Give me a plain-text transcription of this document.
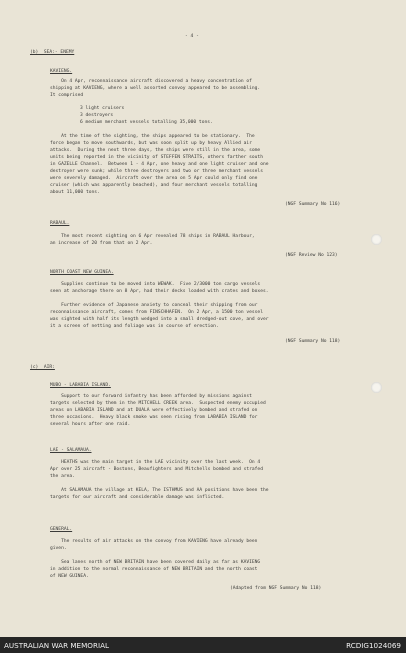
- 4 -
(b)  SEA:- ENEMY
KAVIENG.
On 4 Apr, reconnaissance aircraft discovered a heavy concentration of
shipping at KAVIENG, where a well assorted convoy appeared to be assembling.
It comprised
3 light cruisers
3 destroyers
6 medium merchant vessels totalling 35,000 tons.
At the time of the sighting, the ships appeared to be stationary.  The
force began to move southwards, but was soon split up by heavy Allied air
attacks.  During the next three days, the ships were still in the area, some
units being reported in the vicinity of STEFFEN STRAITS, others farther south
in GAZELLE Channel.  Between 1 - 4 Apr, one heavy and one light cruiser and one
destroyer were sunk; while three destroyers and two or three merchant vessels
were severely damaged.  Aircraft over the area on 5 Apr could only find one
cruiser (which was apparently beached), and four merchant vessels totalling
about 11,000 tons.
(NGF Summary No 116)
RABAUL.
The most recent sighting on 6 Apr revealed 78 ships in RABAUL Harbour,
an increase of 20 from that on 2 Apr.
(NGF Review No 123)
NORTH COAST NEW GUINEA.
Supplies continue to be moved into WEWAK.  Five 2/3000 ton cargo vessels
seen at anchorage there on 8 Apr, had their decks loaded with crates and boxes.
Further evidence of Japanese anxiety to conceal their shipping from our
reconnaissance aircraft, comes from FINSCHHAFEN.  On 2 Apr, a 1500 ton vessel
was sighted with half its length wedged into a small dredged-out cove, and over
it a screen of netting and foliage was in course of erection.
(NGF Summary No 118)
(c)  AIR:
MUBO - LABABIA ISLAND.
Support to our forward infantry has been afforded by missions against
targets selected by them in the MITCHELL CREEK area.  Suspected enemy occupied
areas on LABABIA ISLAND and at DUALA were effectively bombed and strafed on
three occasions.  Heavy black smoke was seen rising from LABABIA ISLAND for
several hours after one raid.
LAE - SALAMAUA.
HEATHS was the main target in the LAE vicinity over the last week.  On 4
Apr over 25 aircraft - Bostons, Beaufighters and Mitchells bombed and strafed
the area.
At SALAMAUA the village at KELA, The ISTHMUS and AA positions have been the
targets for our aircraft and considerable damage was inflicted.
GENERAL.
The results of air attacks on the convoy from KAVIENG have already been
given.
Sea lanes north of NEW BRITAIN have been covered daily as far as KAVIENG
in addition to the normal reconnaissance of NEW BRITAIN and the north coast
of NEW GUINEA.
(Adapted from NGF Summary No 118)
AUSTRALIAN WAR MEMORIAL	RCDIG1024069
